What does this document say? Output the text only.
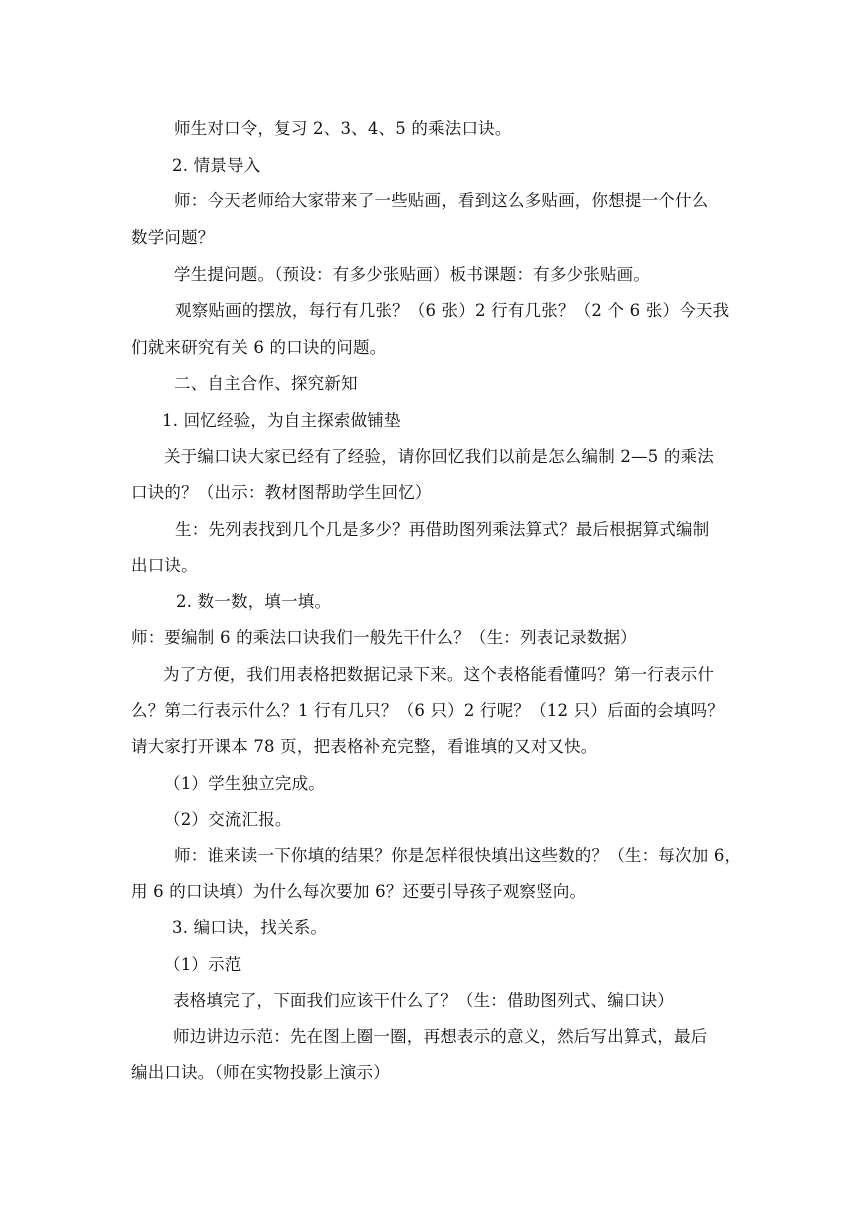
师生对口令，复习 2、3、4、5 的乘法口诀。
2. 情景导入
师：今天老师给大家带来了一些贴画，看到这么多贴画，你想提一个什么
数学问题？
学生提问题。（预设：有多少张贴画）板书课题：有多少张贴画。
观察贴画的摆放，每行有几张？（6 张）2 行有几张？（2 个 6 张）今天我
们就来研究有关 6 的口诀的问题。
二、自主合作、探究新知
1. 回忆经验，为自主探索做铺垫
关于编口诀大家已经有了经验，请你回忆我们以前是怎么编制 2—5 的乘法
口诀的？（出示：教材图帮助学生回忆）
生：先列表找到几个几是多少？再借助图列乘法算式？最后根据算式编制
出口诀。
2. 数一数，填一填。
师：要编制 6 的乘法口诀我们一般先干什么？（生：列表记录数据）
为了方便，我们用表格把数据记录下来。这个表格能看懂吗？第一行表示什
么？第二行表示什么？1 行有几只？（6 只）2 行呢？（12 只）后面的会填吗？
请大家打开课本 78 页，把表格补充完整，看谁填的又对又快。
（1）学生独立完成。
（2）交流汇报。
师：谁来读一下你填的结果？你是怎样很快填出这些数的？（生：每次加 6，
用 6 的口诀填）为什么每次要加 6？还要引导孩子观察竖向。
3. 编口诀，找关系。
（1）示范
表格填完了，下面我们应该干什么了？（生：借助图列式、编口诀）
师边讲边示范：先在图上圈一圈，再想表示的意义，然后写出算式，最后
编出口诀。（师在实物投影上演示）
